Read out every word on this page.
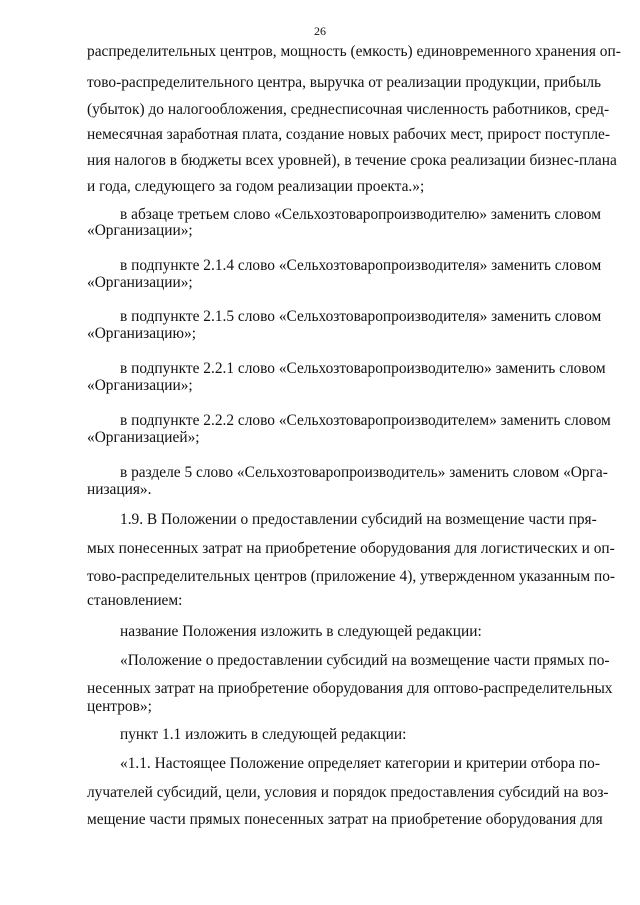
26
распределительных центров, мощность (емкость) единовременного хранения оп-
тово-распределительного центра, выручка от реализации продукции, прибыль
(убыток) до налогообложения, среднесписочная численность работников, сред-
немесячная заработная плата, создание новых рабочих мест, прирост поступле-
ния налогов в бюджеты всех уровней), в течение срока реализации бизнес-плана
и года, следующего за годом реализации проекта.»;
в абзаце третьем слово «Сельхозтоваропроизводителю» заменить словом
«Организации»;
в подпункте 2.1.4 слово «Сельхозтоваропроизводителя» заменить словом
«Организации»;
в подпункте 2.1.5 слово «Сельхозтоваропроизводителя» заменить словом
«Организацию»;
в подпункте 2.2.1 слово «Сельхозтоваропроизводителю» заменить словом
«Организации»;
в подпункте 2.2.2 слово «Сельхозтоваропроизводителем» заменить словом
«Организацией»;
в разделе 5 слово «Сельхозтоваропроизводитель» заменить словом «Орга-
низация».
1.9. В Положении о предоставлении субсидий на возмещение части пря-
мых понесенных затрат на приобретение оборудования для логистических и оп-
тово-распределительных центров (приложение 4), утвержденном указанным по-
становлением:
название Положения изложить в следующей редакции:
«Положение о предоставлении субсидий на возмещение части прямых по-
несенных затрат на приобретение оборудования для оптово-распределительных
центров»;
пункт 1.1 изложить в следующей редакции:
«1.1. Настоящее Положение определяет категории и критерии отбора по-
лучателей субсидий, цели, условия и порядок предоставления субсидий на воз-
мещение части прямых понесенных затрат на приобретение оборудования для
